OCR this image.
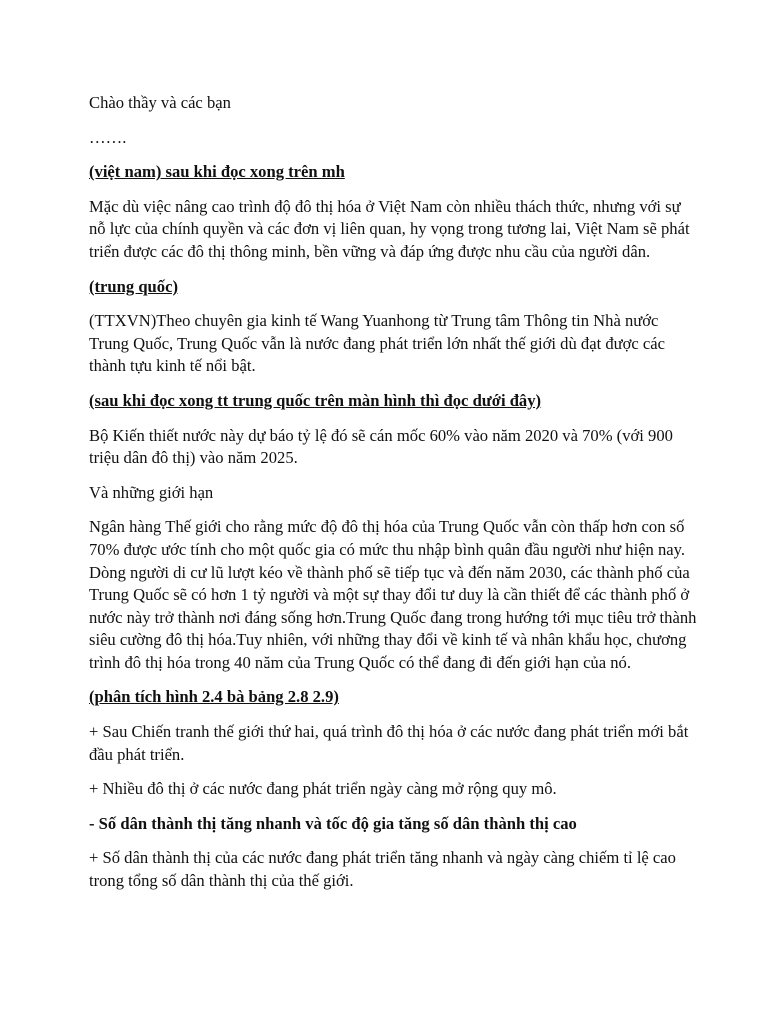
Chào thầy và các bạn

…….

(việt nam) sau khi đọc xong trên mh

Mặc dù việc nâng cao trình độ đô thị hóa ở Việt Nam còn nhiều thách thức, nhưng với sự nỗ lực của chính quyền và các đơn vị liên quan, hy vọng trong tương lai, Việt Nam sẽ phát triển được các đô thị thông minh, bền vững và đáp ứng được nhu cầu của người dân.

(trung quốc)

(TTXVN)Theo chuyên gia kinh tế Wang Yuanhong từ Trung tâm Thông tin Nhà nước Trung Quốc, Trung Quốc vẫn là nước đang phát triển lớn nhất thế giới dù đạt được các thành tựu kinh tế nổi bật.

(sau khi đọc xong tt trung quốc trên màn hình thì đọc dưới đây)

Bộ Kiến thiết nước này dự báo tỷ lệ đó sẽ cán mốc 60% vào năm 2020 và 70% (với 900 triệu dân đô thị) vào năm 2025.

Và những giới hạn

Ngân hàng Thế giới cho rằng mức độ đô thị hóa của Trung Quốc vẫn còn thấp hơn con số 70% được ước tính cho một quốc gia có mức thu nhập bình quân đầu người như hiện nay. Dòng người di cư lũ lượt kéo về thành phố sẽ tiếp tục và đến năm 2030, các thành phố của Trung Quốc sẽ có hơn 1 tỷ người và một sự thay đổi tư duy là cần thiết để các thành phố ở nước này trở thành nơi đáng sống hơn.Trung Quốc đang trong hướng tới mục tiêu trở thành siêu cường đô thị hóa.Tuy nhiên, với những thay đổi về kinh tế và nhân khẩu học, chương trình đô thị hóa trong 40 năm của Trung Quốc có thể đang đi đến giới hạn của nó.

(phân tích hình 2.4 bà bảng 2.8 2.9)

+ Sau Chiến tranh thế giới thứ hai, quá trình đô thị hóa ở các nước đang phát triển mới bắt đầu phát triển.

+ Nhiều đô thị ở các nước đang phát triển ngày càng mở rộng quy mô.

- Số dân thành thị tăng nhanh và tốc độ gia tăng số dân thành thị cao

+ Số dân thành thị của các nước đang phát triển tăng nhanh và ngày càng chiếm tỉ lệ cao trong tổng số dân thành thị của thế giới.
